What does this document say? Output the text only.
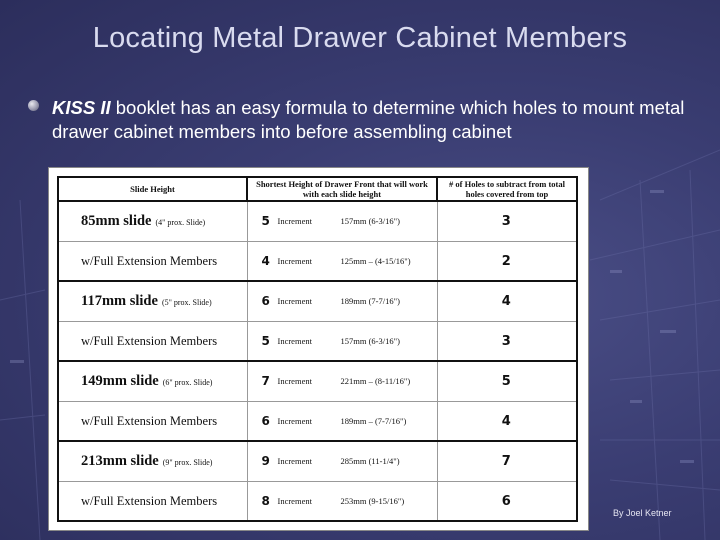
Locating Metal Drawer Cabinet Members
KISS II booklet has an easy formula to determine which holes to mount metal drawer cabinet members into before assembling cabinet
Slide Height	Shortest Height of Drawer Front that will work with each slide height	# of Holes to subtract from total holes covered from top
85mm slide (4" prox. Slide)	5 Increment 157mm (6-3/16")	3
w/Full Extension Members	4 Increment 125mm – (4-15/16")	2
117mm slide (5" prox. Slide)	6 Increment 189mm (7-7/16")	4
w/Full Extension Members	5 Increment 157mm (6-3/16")	3
149mm slide (6" prox. Slide)	7 Increment 221mm – (8-11/16")	5
w/Full Extension Members	6 Increment 189mm – (7-7/16")	4
213mm slide (9" prox. Slide)	9 Increment 285mm (11-1/4")	7
w/Full Extension Members	8 Increment 253mm (9-15/16")	6
By Joel Ketner
